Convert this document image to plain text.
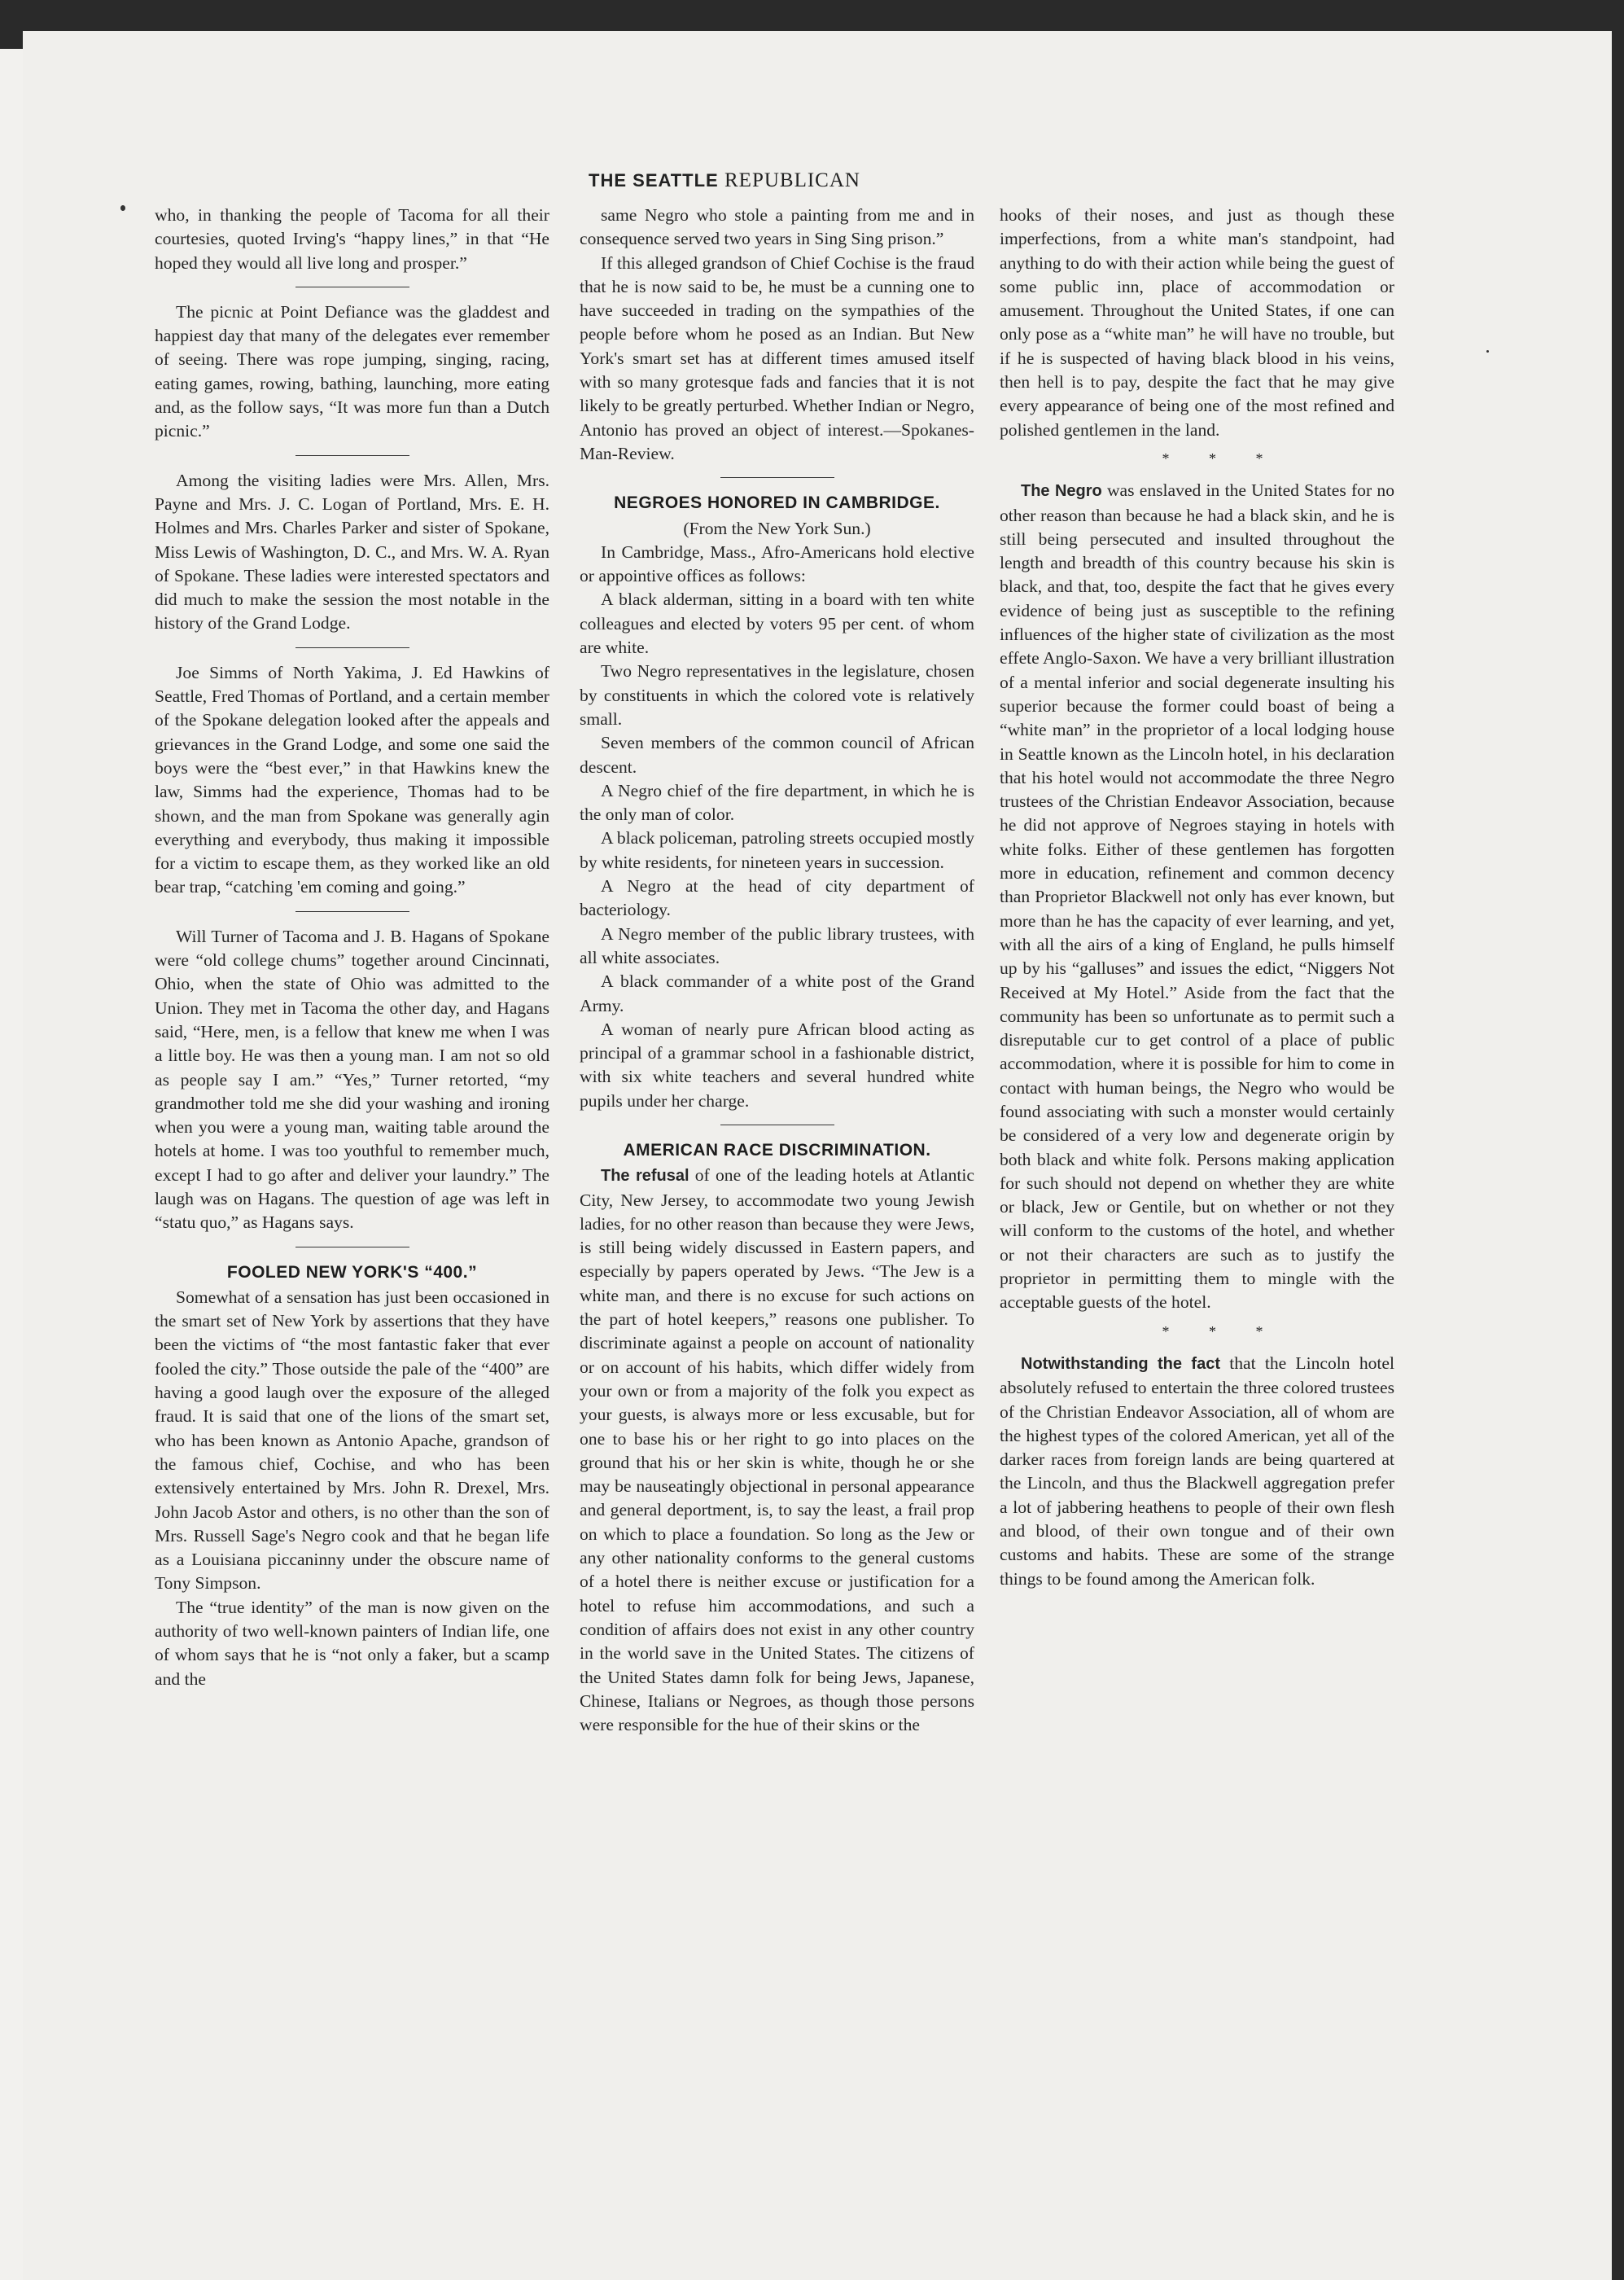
THE SEATTLE REPUBLICAN

who, in thanking the people of Tacoma for all their courtesies, quoted Irving's “happy lines,” in that “He hoped they would all live long and prosper.”

The picnic at Point Defiance was the gladdest and happiest day that many of the delegates ever remember of seeing. There was rope jumping, singing, racing, eating games, rowing, bathing, launching, more eating and, as the follow says, “It was more fun than a Dutch picnic.”

Among the visiting ladies were Mrs. Allen, Mrs. Payne and Mrs. J. C. Logan of Portland, Mrs. E. H. Holmes and Mrs. Charles Parker and sister of Spokane, Miss Lewis of Washington, D. C., and Mrs. W. A. Ryan of Spokane. These ladies were interested spectators and did much to make the session the most notable in the history of the Grand Lodge.

Joe Simms of North Yakima, J. Ed Hawkins of Seattle, Fred Thomas of Portland, and a certain member of the Spokane delegation looked after the appeals and grievances in the Grand Lodge, and some one said the boys were the “best ever,” in that Hawkins knew the law, Simms had the experience, Thomas had to be shown, and the man from Spokane was generally agin everything and everybody, thus making it impossible for a victim to escape them, as they worked like an old bear trap, “catching 'em coming and going.”

Will Turner of Tacoma and J. B. Hagans of Spokane were “old college chums” together around Cincinnati, Ohio, when the state of Ohio was admitted to the Union. They met in Tacoma the other day, and Hagans said, “Here, men, is a fellow that knew me when I was a little boy. He was then a young man. I am not so old as people say I am.” “Yes,” Turner retorted, “my grandmother told me she did your washing and ironing when you were a young man, waiting table around the hotels at home. I was too youthful to remember much, except I had to go after and deliver your laundry.” The laugh was on Hagans. The question of age was left in “statu quo,” as Hagans says.

FOOLED NEW YORK'S “400.”

Somewhat of a sensation has just been occasioned in the smart set of New York by assertions that they have been the victims of “the most fantastic faker that ever fooled the city.” Those outside the pale of the “400” are having a good laugh over the exposure of the alleged fraud. It is said that one of the lions of the smart set, who has been known as Antonio Apache, grandson of the famous chief, Cochise, and who has been extensively entertained by Mrs. John R. Drexel, Mrs. John Jacob Astor and others, is no other than the son of Mrs. Russell Sage's Negro cook and that he began life as a Louisiana piccaninny under the obscure name of Tony Simpson.

The “true identity” of the man is now given on the authority of two well-known painters of Indian life, one of whom says that he is “not only a faker, but a scamp and the

same Negro who stole a painting from me and in consequence served two years in Sing Sing prison.”

If this alleged grandson of Chief Cochise is the fraud that he is now said to be, he must be a cunning one to have succeeded in trading on the sympathies of the people before whom he posed as an Indian. But New York's smart set has at different times amused itself with so many grotesque fads and fancies that it is not likely to be greatly perturbed. Whether Indian or Negro, Antonio has proved an object of interest.—Spokanes-Man-Review.

NEGROES HONORED IN CAMBRIDGE.

(From the New York Sun.)

In Cambridge, Mass., Afro-Americans hold elective or appointive offices as follows:

A black alderman, sitting in a board with ten white colleagues and elected by voters 95 per cent. of whom are white.

Two Negro representatives in the legislature, chosen by constituents in which the colored vote is relatively small.

Seven members of the common council of African descent.

A Negro chief of the fire department, in which he is the only man of color.

A black policeman, patroling streets occupied mostly by white residents, for nineteen years in succession.

A Negro at the head of city department of bacteriology.

A Negro member of the public library trustees, with all white associates.

A black commander of a white post of the Grand Army.

A woman of nearly pure African blood acting as principal of a grammar school in a fashionable district, with six white teachers and several hundred white pupils under her charge.

AMERICAN RACE DISCRIMINATION.

The refusal of one of the leading hotels at Atlantic City, New Jersey, to accommodate two young Jewish ladies, for no other reason than because they were Jews, is still being widely discussed in Eastern papers, and especially by papers operated by Jews. “The Jew is a white man, and there is no excuse for such actions on the part of hotel keepers,” reasons one publisher. To discriminate against a people on account of nationality or on account of his habits, which differ widely from your own or from a majority of the folk you expect as your guests, is always more or less excusable, but for one to base his or her right to go into places on the ground that his or her skin is white, though he or she may be nauseatingly objectional in personal appearance and general deportment, is, to say the least, a frail prop on which to place a foundation. So long as the Jew or any other nationality conforms to the general customs of a hotel there is neither excuse or justification for a hotel to refuse him accommodations, and such a condition of affairs does not exist in any other country in the world save in the United States. The citizens of the United States damn folk for being Jews, Japanese, Chinese, Italians or Negroes, as though those persons were responsible for the hue of their skins or the

hooks of their noses, and just as though these imperfections, from a white man's standpoint, had anything to do with their action while being the guest of some public inn, place of accommodation or amusement. Throughout the United States, if one can only pose as a “white man” he will have no trouble, but if he is suspected of having black blood in his veins, then hell is to pay, despite the fact that he may give every appearance of being one of the most refined and polished gentlemen in the land.

* * *

The Negro was enslaved in the United States for no other reason than because he had a black skin, and he is still being persecuted and insulted throughout the length and breadth of this country because his skin is black, and that, too, despite the fact that he gives every evidence of being just as susceptible to the refining influences of the higher state of civilization as the most effete Anglo-Saxon. We have a very brilliant illustration of a mental inferior and social degenerate insulting his superior because the former could boast of being a “white man” in the proprietor of a local lodging house in Seattle known as the Lincoln hotel, in his declaration that his hotel would not accommodate the three Negro trustees of the Christian Endeavor Association, because he did not approve of Negroes staying in hotels with white folks. Either of these gentlemen has forgotten more in education, refinement and common decency than Proprietor Blackwell not only has ever known, but more than he has the capacity of ever learning, and yet, with all the airs of a king of England, he pulls himself up by his “galluses” and issues the edict, “Niggers Not Received at My Hotel.” Aside from the fact that the community has been so unfortunate as to permit such a disreputable cur to get control of a place of public accommodation, where it is possible for him to come in contact with human beings, the Negro who would be found associating with such a monster would certainly be considered of a very low and degenerate origin by both black and white folk. Persons making application for such should not depend on whether they are white or black, Jew or Gentile, but on whether or not they will conform to the customs of the hotel, and whether or not their characters are such as to justify the proprietor in permitting them to mingle with the acceptable guests of the hotel.

* * *

Notwithstanding the fact that the Lincoln hotel absolutely refused to entertain the three colored trustees of the Christian Endeavor Association, all of whom are the highest types of the colored American, yet all of the darker races from foreign lands are being quartered at the Lincoln, and thus the Blackwell aggregation prefer a lot of jabbering heathens to people of their own flesh and blood, of their own tongue and of their own customs and habits. These are some of the strange things to be found among the American folk.
